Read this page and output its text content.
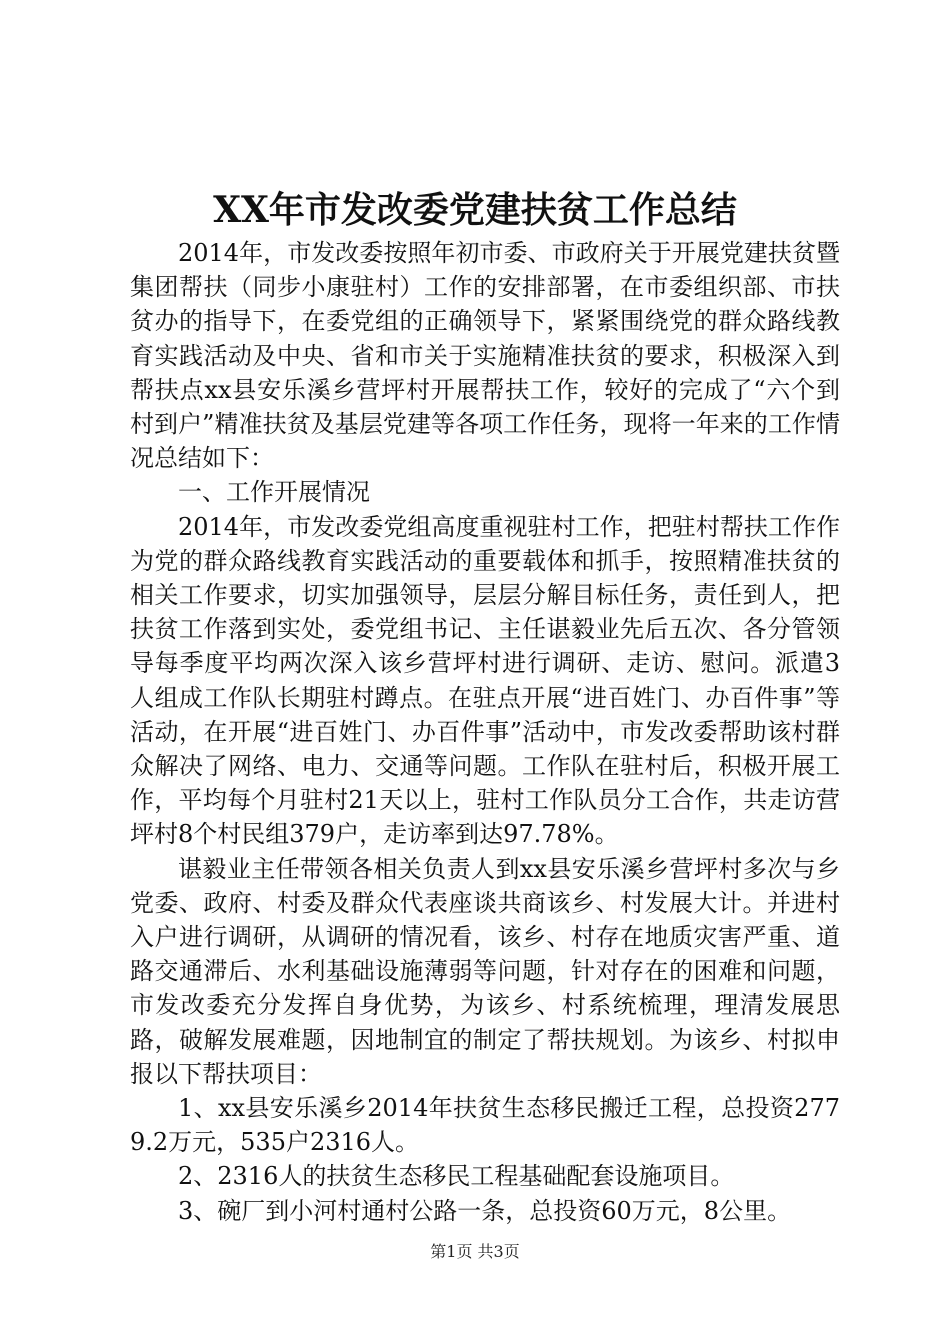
XX年市发改委党建扶贫工作总结

2014年，市发改委按照年初市委、市政府关于开展党建扶贫暨集团帮扶（同步小康驻村）工作的安排部署，在市委组织部、市扶贫办的指导下，在委党组的正确领导下，紧紧围绕党的群众路线教育实践活动及中央、省和市关于实施精准扶贫的要求，积极深入到帮扶点xx县安乐溪乡营坪村开展帮扶工作，较好的完成了“六个到村到户”精准扶贫及基层党建等各项工作任务，现将一年来的工作情况总结如下：

一、工作开展情况

2014年，市发改委党组高度重视驻村工作，把驻村帮扶工作作为党的群众路线教育实践活动的重要载体和抓手，按照精准扶贫的相关工作要求，切实加强领导，层层分解目标任务，责任到人，把扶贫工作落到实处，委党组书记、主任谌毅业先后五次、各分管领导每季度平均两次深入该乡营坪村进行调研、走访、慰问。派遣3人组成工作队长期驻村蹲点。在驻点开展“进百姓门、办百件事”等活动，在开展“进百姓门、办百件事”活动中，市发改委帮助该村群众解决了网络、电力、交通等问题。工作队在驻村后，积极开展工作，平均每个月驻村21天以上，驻村工作队员分工合作，共走访营坪村8个村民组379户，走访率到达97.78%。

谌毅业主任带领各相关负责人到xx县安乐溪乡营坪村多次与乡党委、政府、村委及群众代表座谈共商该乡、村发展大计。并进村入户进行调研，从调研的情况看，该乡、村存在地质灾害严重、道路交通滞后、水利基础设施薄弱等问题，针对存在的困难和问题，市发改委充分发挥自身优势，为该乡、村系统梳理，理清发展思路，破解发展难题，因地制宜的制定了帮扶规划。为该乡、村拟申报以下帮扶项目：

1、xx县安乐溪乡2014年扶贫生态移民搬迁工程，总投资2779.2万元，535户2316人。

2、2316人的扶贫生态移民工程基础配套设施项目。

3、碗厂到小河村通村公路一条，总投资60万元，8公里。

第1页 共3页
